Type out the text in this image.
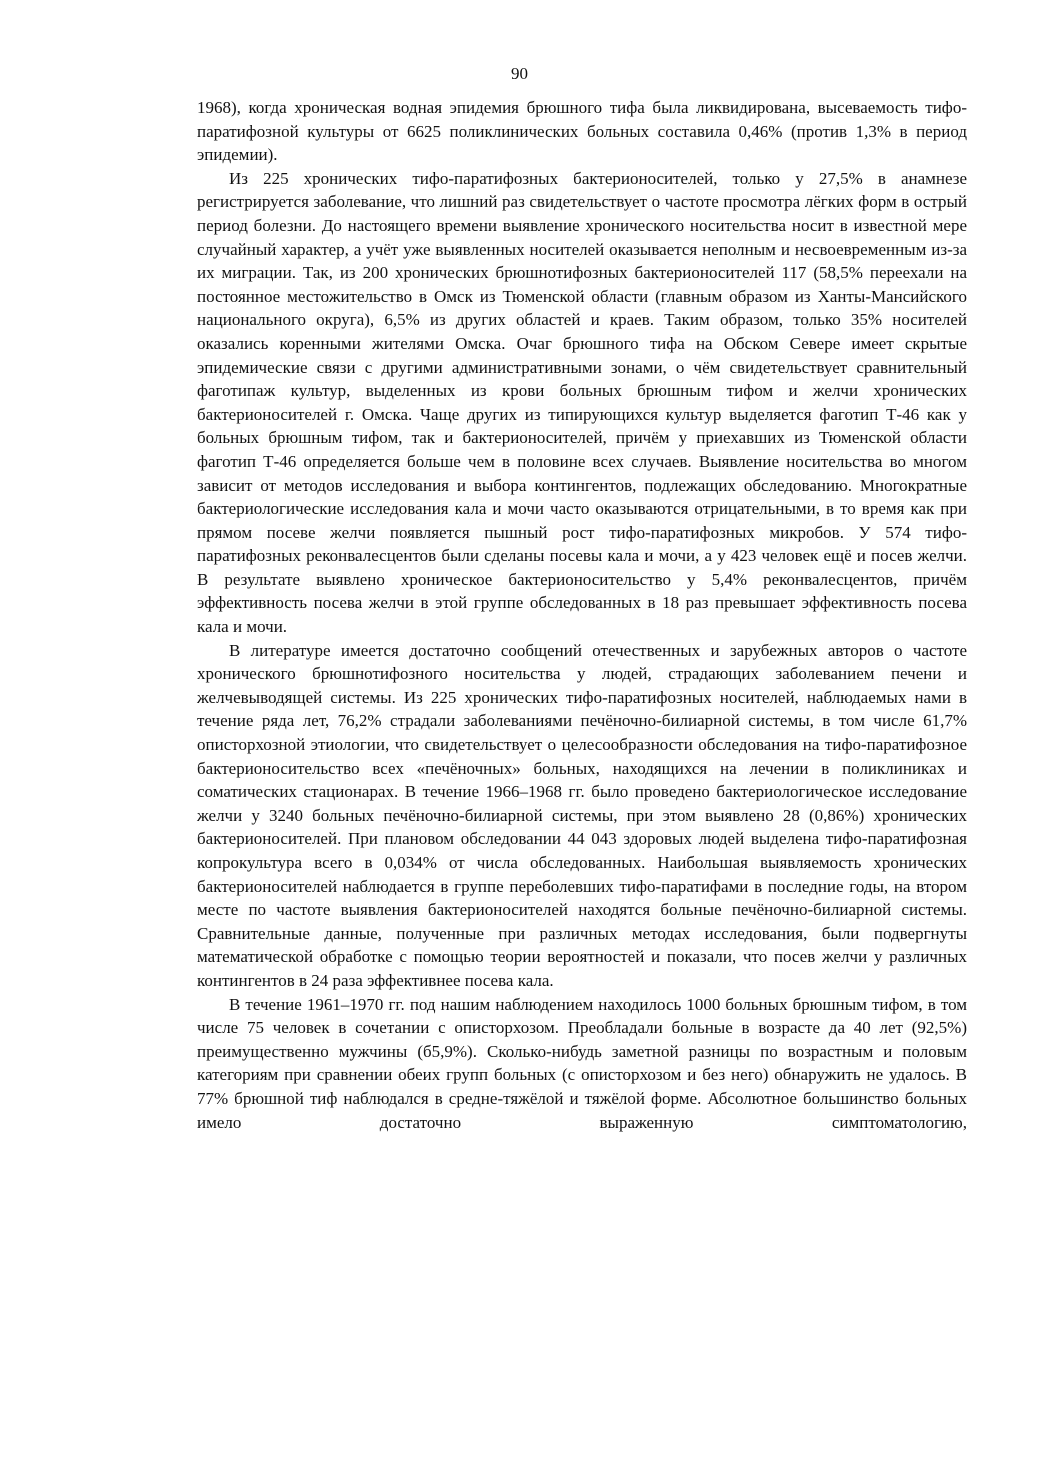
90

1968), когда хроническая водная эпидемия брюшного тифа была ликвидирована, высеваемость тифо-паратифозной культуры от 6625 поликлинических больных составила 0,46% (против 1,3% в период эпидемии).

Из 225 хронических тифо-паратифозных бактерионосителей, только у 27,5% в анамнезе регистрируется заболевание, что лишний раз свидетельствует о частоте просмотра лёгких форм в острый период болезни. До настоящего времени выявление хронического носительства носит в известной мере случайный характер, а учёт уже выявленных носителей оказывается неполным и несвоевременным из-за их миграции. Так, из 200 хронических брюшнотифозных бактерионосителей 117 (58,5% переехали на постоянное местожительство в Омск из Тюменской области (главным образом из Ханты-Мансийского национального округа), 6,5% из других областей и краев. Таким образом, только 35% носителей оказались коренными жителями Омска. Очаг брюшного тифа на Обском Севере имеет скрытые эпидемические связи с другими административными зонами, о чём свидетельствует сравнительный фаготипаж культур, выделенных из крови больных брюшным тифом и желчи хронических бактерионосителей г. Омска. Чаще других из типирующихся культур выделяется фаготип Т-46 как у больных брюшным тифом, так и бактерионосителей, причём у приехавших из Тюменской области фаготип Т-46 определяется больше чем в половине всех случаев. Выявление носительства во многом зависит от методов исследования и выбора контингентов, подлежащих обследованию. Многократные бактериологические исследования кала и мочи часто оказываются отрицательными, в то время как при прямом посеве желчи появляется пышный рост тифо-паратифозных микробов. У 574 тифо-паратифозных реконвалесцентов были сделаны посевы кала и мочи, а у 423 человек ещё и посев желчи. В результате выявлено хроническое бактерионосительство у 5,4% реконвалесцентов, причём эффективность посева желчи в этой группе обследованных в 18 раз превышает эффективность посева кала и мочи.

В литературе имеется достаточно сообщений отечественных и зарубежных авторов о частоте хронического брюшнотифозного носительства у людей, страдающих заболеванием печени и желчевыводящей системы. Из 225 хронических тифо-паратифозных носителей, наблюдаемых нами в течение ряда лет, 76,2% страдали заболеваниями печёночно-билиарной системы, в том числе 61,7% описторхозной этиологии, что свидетельствует о целесообразности обследования на тифо-паратифозное бактерионосительство всех «печёночных» больных, находящихся на лечении в поликлиниках и соматических стационарах. В течение 1966–1968 гг. было проведено бактериологическое исследование желчи у 3240 больных печёночно-билиарной системы, при этом выявлено 28 (0,86%) хронических бактерионосителей. При плановом обследовании 44 043 здоровых людей выделена тифо-паратифозная копрокультура всего в 0,034% от числа обследованных. Наибольшая выявляемость хронических бактерионосителей наблюдается в группе переболевших тифо-паратифами в последние годы, на втором месте по частоте выявления бактерионосителей находятся больные печёночно-билиарной системы. Сравнительные данные, полученные при различных методах исследования, были подвергнуты математической обработке с помощью теории вероятностей и показали, что посев желчи у различных контингентов в 24 раза эффективнее посева кала.

В течение 1961–1970 гг. под нашим наблюдением находилось 1000 больных брюшным тифом, в том числе 75 человек в сочетании с описторхозом. Преобладали больные в возрасте да 40 лет (92,5%) преимущественно мужчины (б5,9%). Сколько-нибудь заметной разницы по возрастным и половым категориям при сравнении обеих групп больных (с описторхозом и без него) обнаружить не удалось. В 77% брюшной тиф наблюдался в средне-тяжёлой и тяжёлой форме. Абсолютное большинство больных имело достаточно выраженную симптоматологию,
